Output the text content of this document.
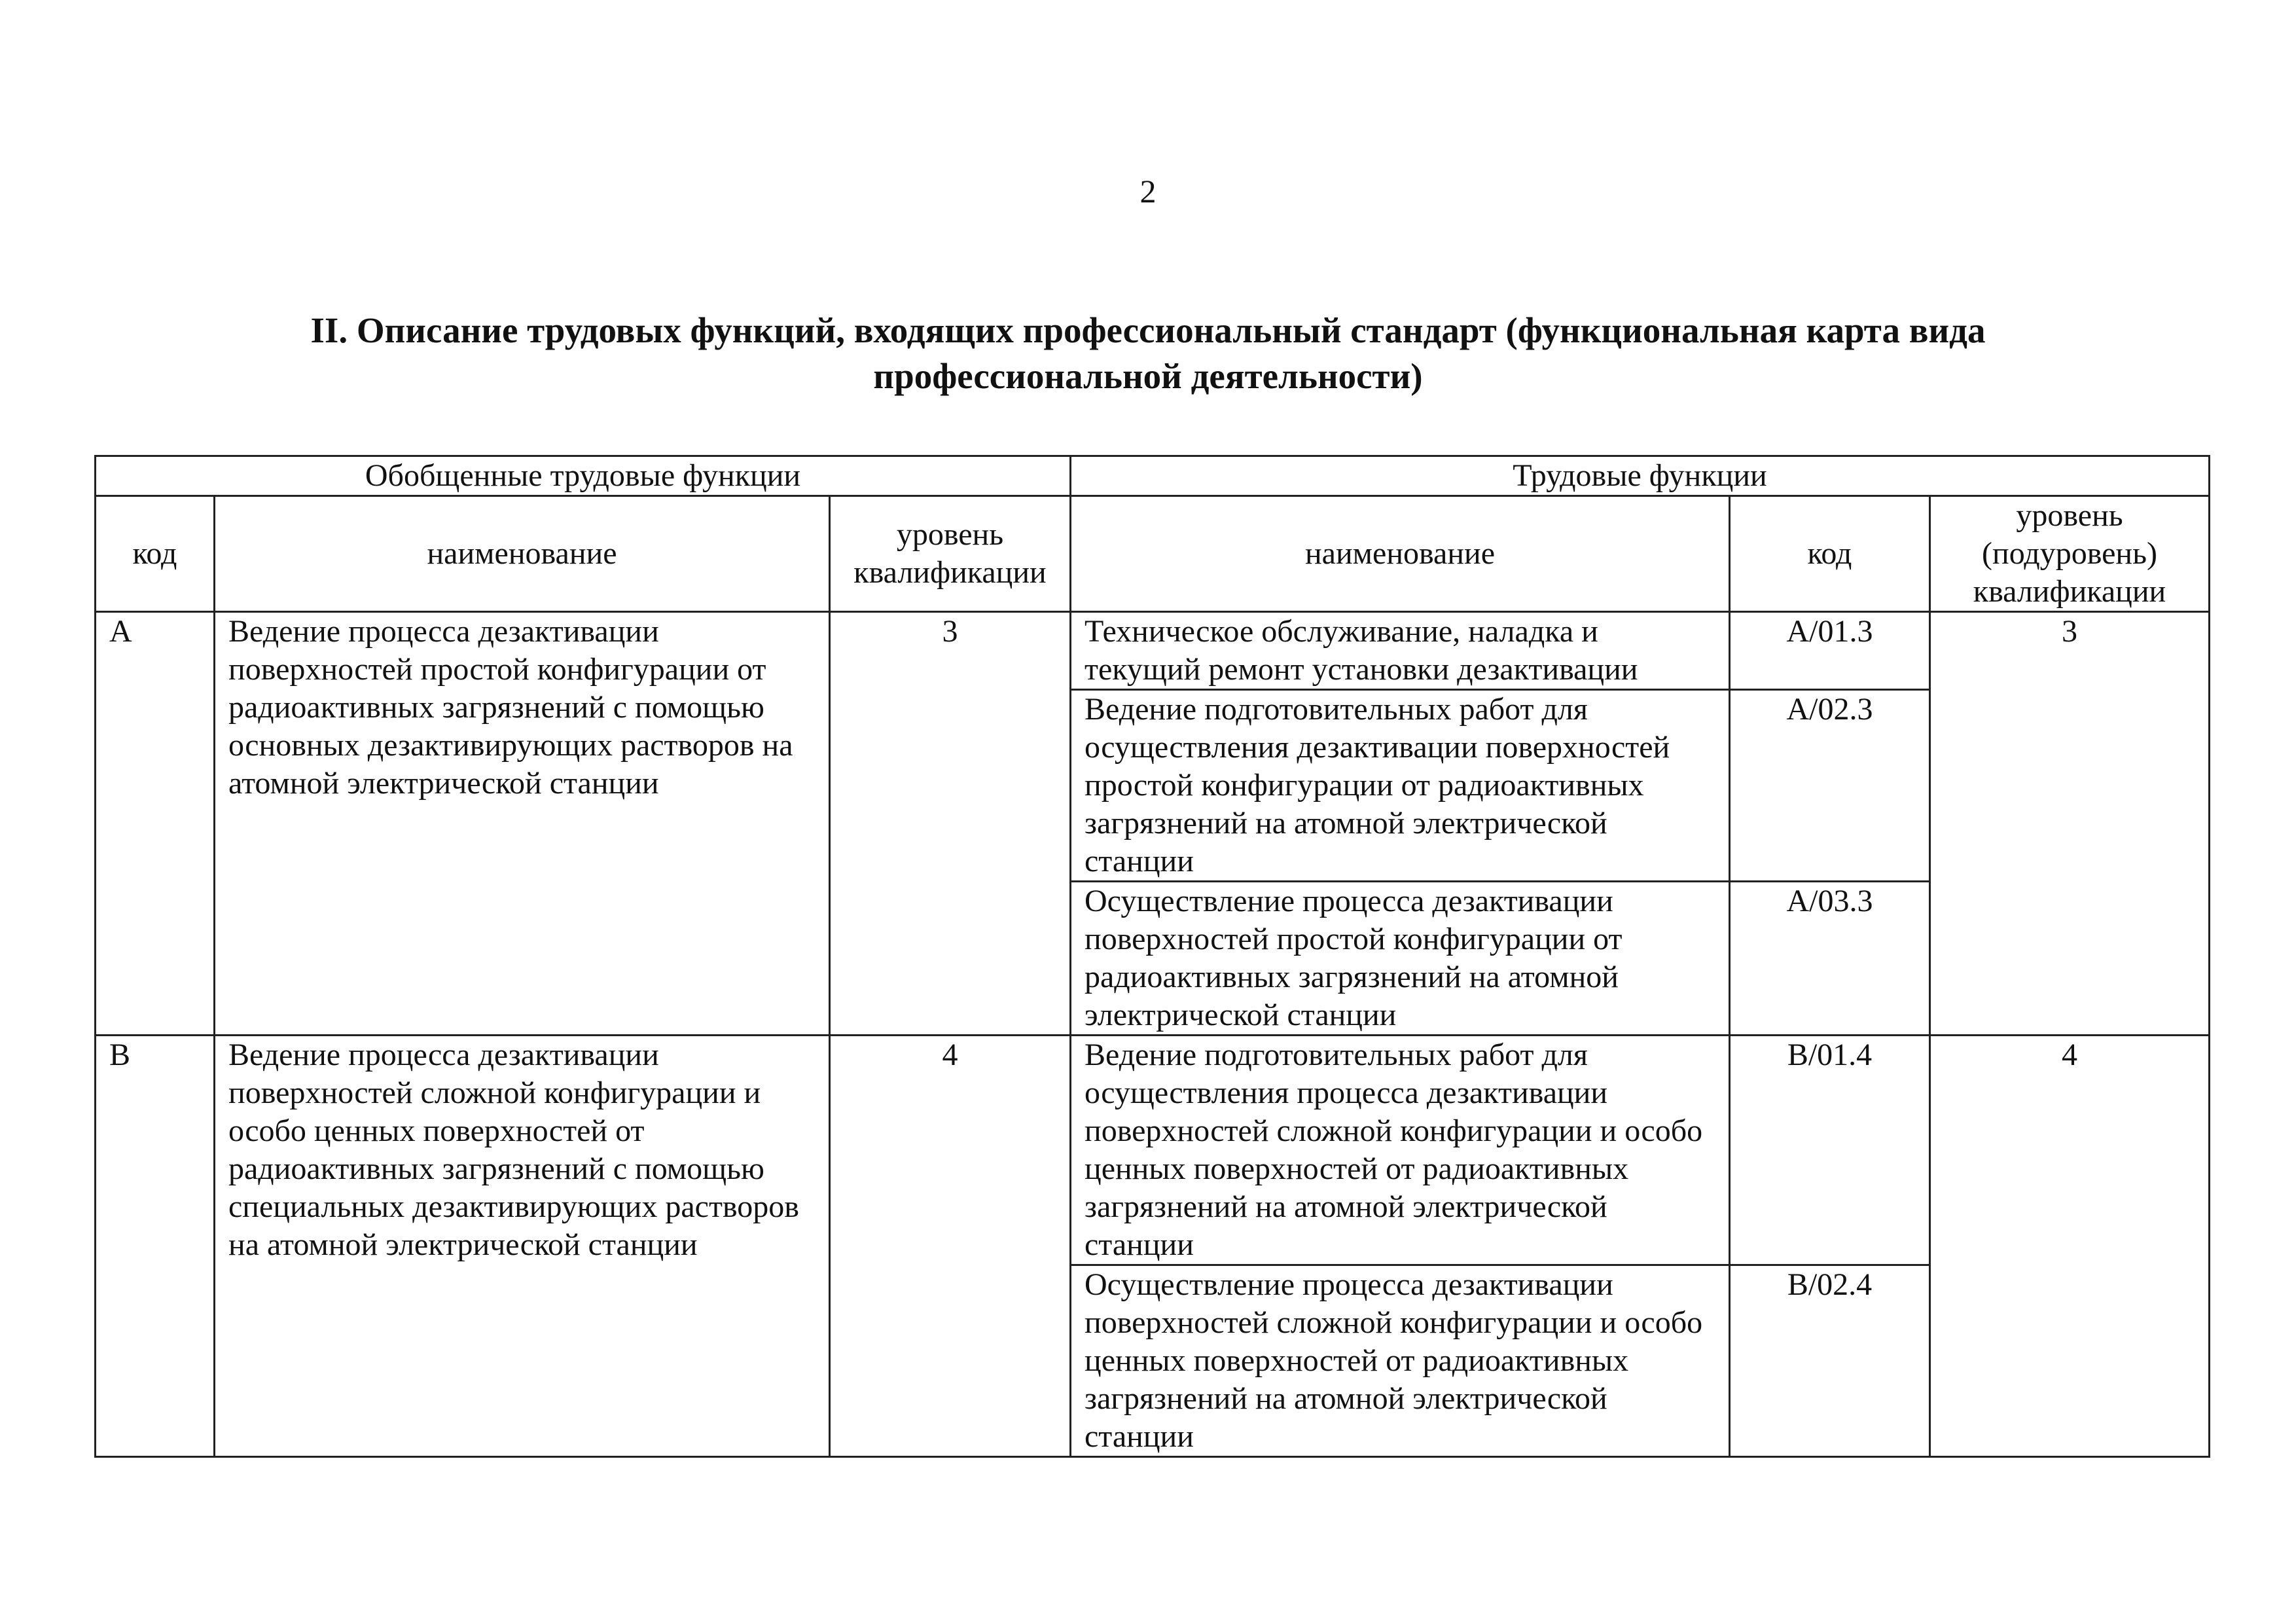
2
II. Описание трудовых функций, входящих профессиональный стандарт (функциональная карта вида профессиональной деятельности)
Обобщенные трудовые функции			Трудовые функции		
код	наименование	уровень квалификации	наименование	код	уровень (подуровень) квалификации
A	Ведение процесса дезактивации поверхностей простой конфигурации от радиоактивных загрязнений с помощью основных дезактивирующих растворов на атомной электрической станции	3	Техническое обслуживание, наладка и текущий ремонт установки дезактивации	A/01.3	3
			Ведение подготовительных работ для осуществления дезактивации поверхностей простой конфигурации от радиоактивных загрязнений на атомной электрической станции	A/02.3	
			Осуществление процесса дезактивации поверхностей простой конфигурации от радиоактивных загрязнений на атомной электрической станции	A/03.3	
B	Ведение процесса дезактивации поверхностей сложной конфигурации и особо ценных поверхностей от радиоактивных загрязнений с помощью специальных дезактивирующих растворов на атомной электрической станции	4	Ведение подготовительных работ для осуществления процесса дезактивации поверхностей сложной конфигурации и особо ценных поверхностей от радиоактивных загрязнений на атомной электрической станции	B/01.4	4
			Осуществление процесса дезактивации поверхностей сложной конфигурации и особо ценных поверхностей от радиоактивных загрязнений на атомной электрической станции	B/02.4	
